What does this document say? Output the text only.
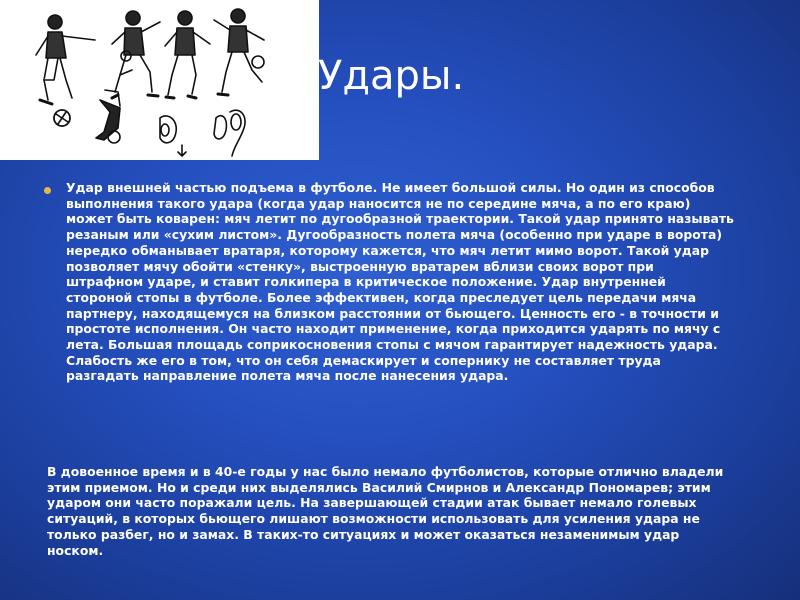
Удары.

Удар внешней частью подъема в футболе. Не имеет большой силы. Но один из способов выполнения такого удара (когда удар наносится не по середине мяча, а по его краю) может быть коварен: мяч летит по дугообразной траектории. Такой удар принято называть резаным или «сухим листом». Дугообразность полета мяча (особенно при ударе в ворота) нередко обманывает вратаря, которому кажется, что мяч летит мимо ворот. Такой удар позволяет мячу обойти «стенку», выстроенную вратарем вблизи своих ворот при штрафном ударе, и ставит голкипера в критическое положение. Удар внутренней стороной стопы в футболе. Более эффективен, когда преследует цель передачи мяча партнеру, находящемуся на близком расстоянии от бьющего. Ценность его - в точности и простоте исполнения. Он часто находит применение, когда приходится ударять по мячу с лета. Большая площадь соприкосновения стопы с мячом гарантирует надежность удара. Слабость же его в том, что он себя демаскирует и сопернику не составляет труда разгадать направление полета мяча после нанесения удара.

В довоенное время и в 40-е годы у нас было немало футболистов, которые отлично владели этим приемом. Но и среди них выделялись Василий Смирнов и Александр Пономарев; этим ударом они часто поражали цель. На завершающей стадии атак бывает немало голевых ситуаций, в которых бьющего лишают возможности использовать для усиления удара не только разбег, но и замах. В таких-то ситуациях и может оказаться незаменимым удар носком.
